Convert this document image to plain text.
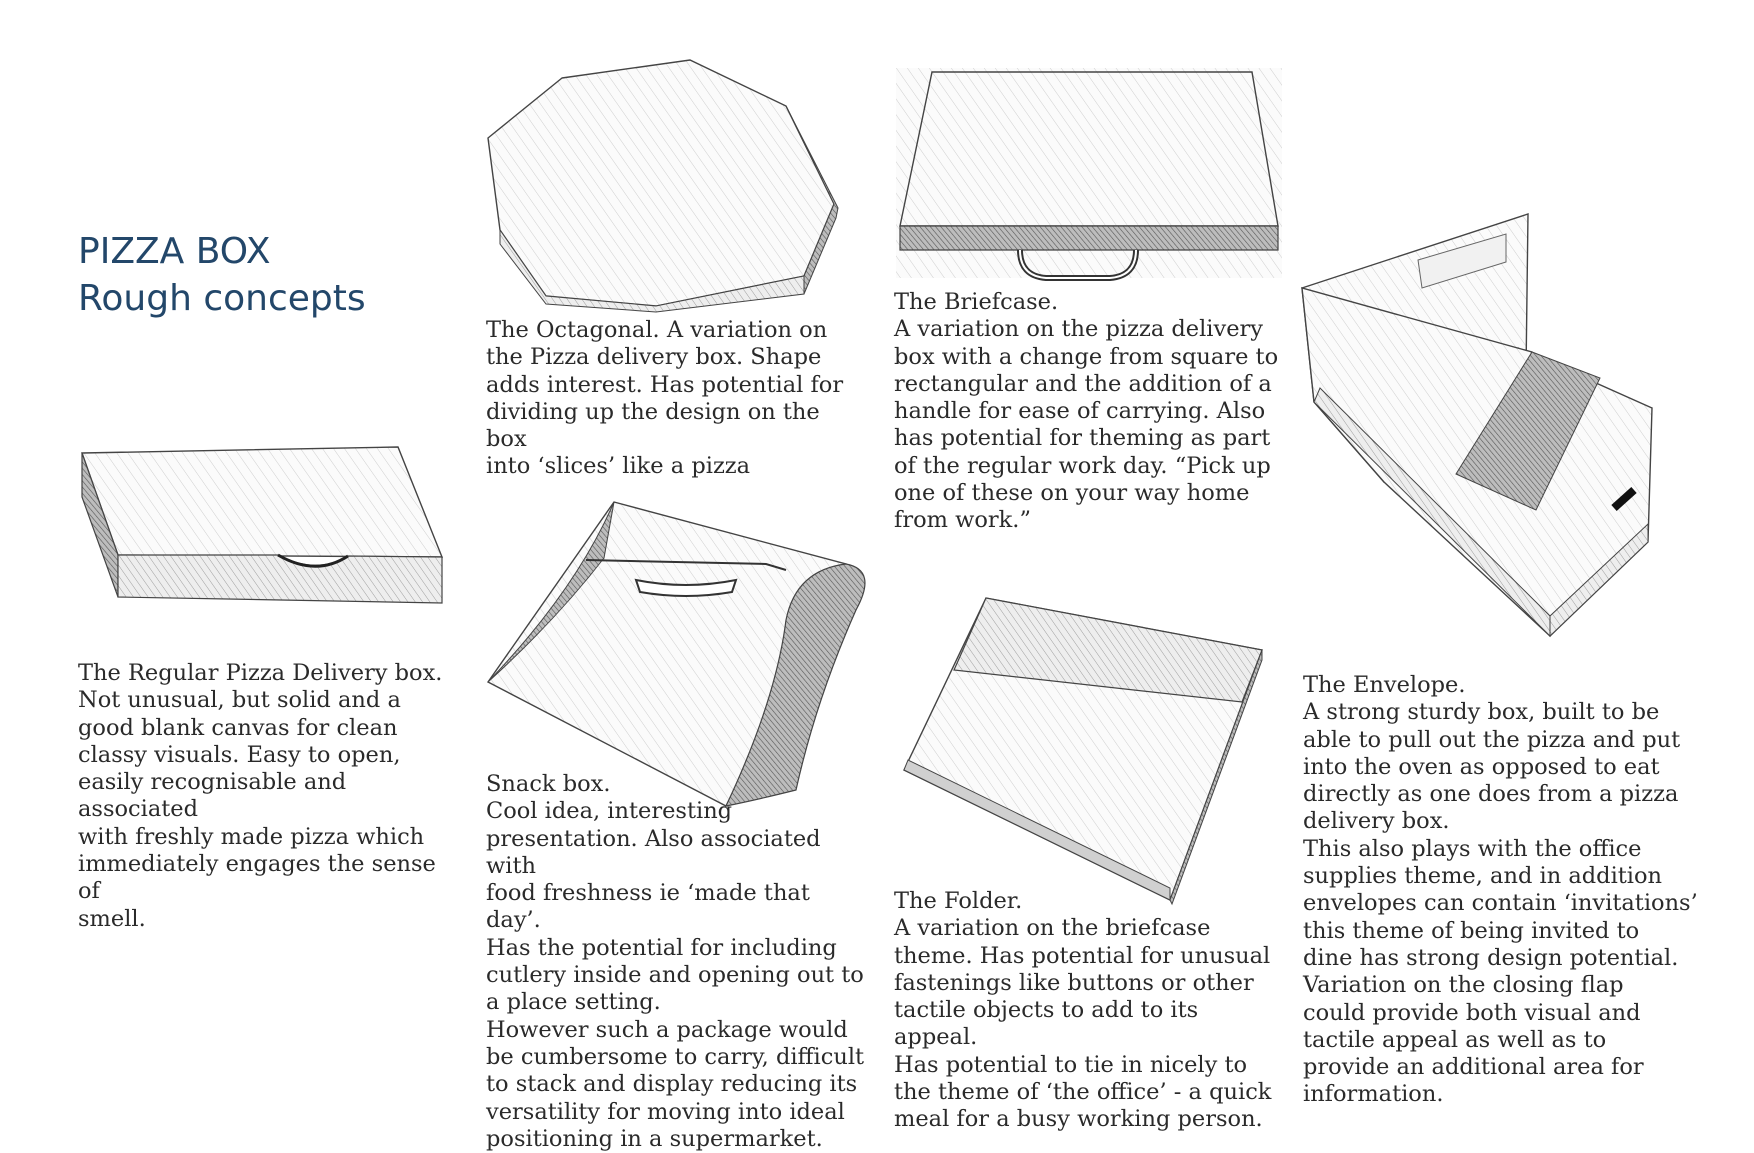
PIZZA BOX
Rough concepts

The Regular Pizza Delivery box.

Not unusual, but solid and a

good blank canvas for clean

classy visuals. Easy to open,

easily recognisable and associated

with freshly made pizza which

immediately engages the sense of

smell.

The Octagonal. A variation on

the Pizza delivery box. Shape

adds interest. Has potential for

dividing up the design on the box

into ‘slices’ like a pizza

Snack box.

Cool idea, interesting

presentation. Also associated with

food freshness ie ‘made that day’.

Has the potential for including

cutlery inside and opening out to

a place setting.

However such a package would

be cumbersome to carry, difficult

to stack and display reducing its

versatility for moving into ideal

positioning in a supermarket.

The Briefcase.

A variation on the pizza delivery

box with a change from square to

rectangular and the addition of a

handle for ease of carrying. Also

has potential for theming as part

of the regular work day. “Pick up

one of these on your way home

from work.”

The Folder.

A variation on the briefcase

theme. Has potential for unusual

fastenings like buttons or other

tactile objects to add to its appeal.

Has potential to tie in nicely to

the theme of ‘the office’ - a quick

meal for a busy working person.

The Envelope.

A strong sturdy box, built to be

able to pull out the pizza and put

into the oven as opposed to eat

directly as one does from a pizza

delivery box.

This also plays with the office

supplies theme, and in addition

envelopes can contain ‘invitations’

this theme of being invited to

dine has strong design potential.

Variation on the closing flap

could provide both visual and

tactile appeal as well as to

provide an additional area for

information.
